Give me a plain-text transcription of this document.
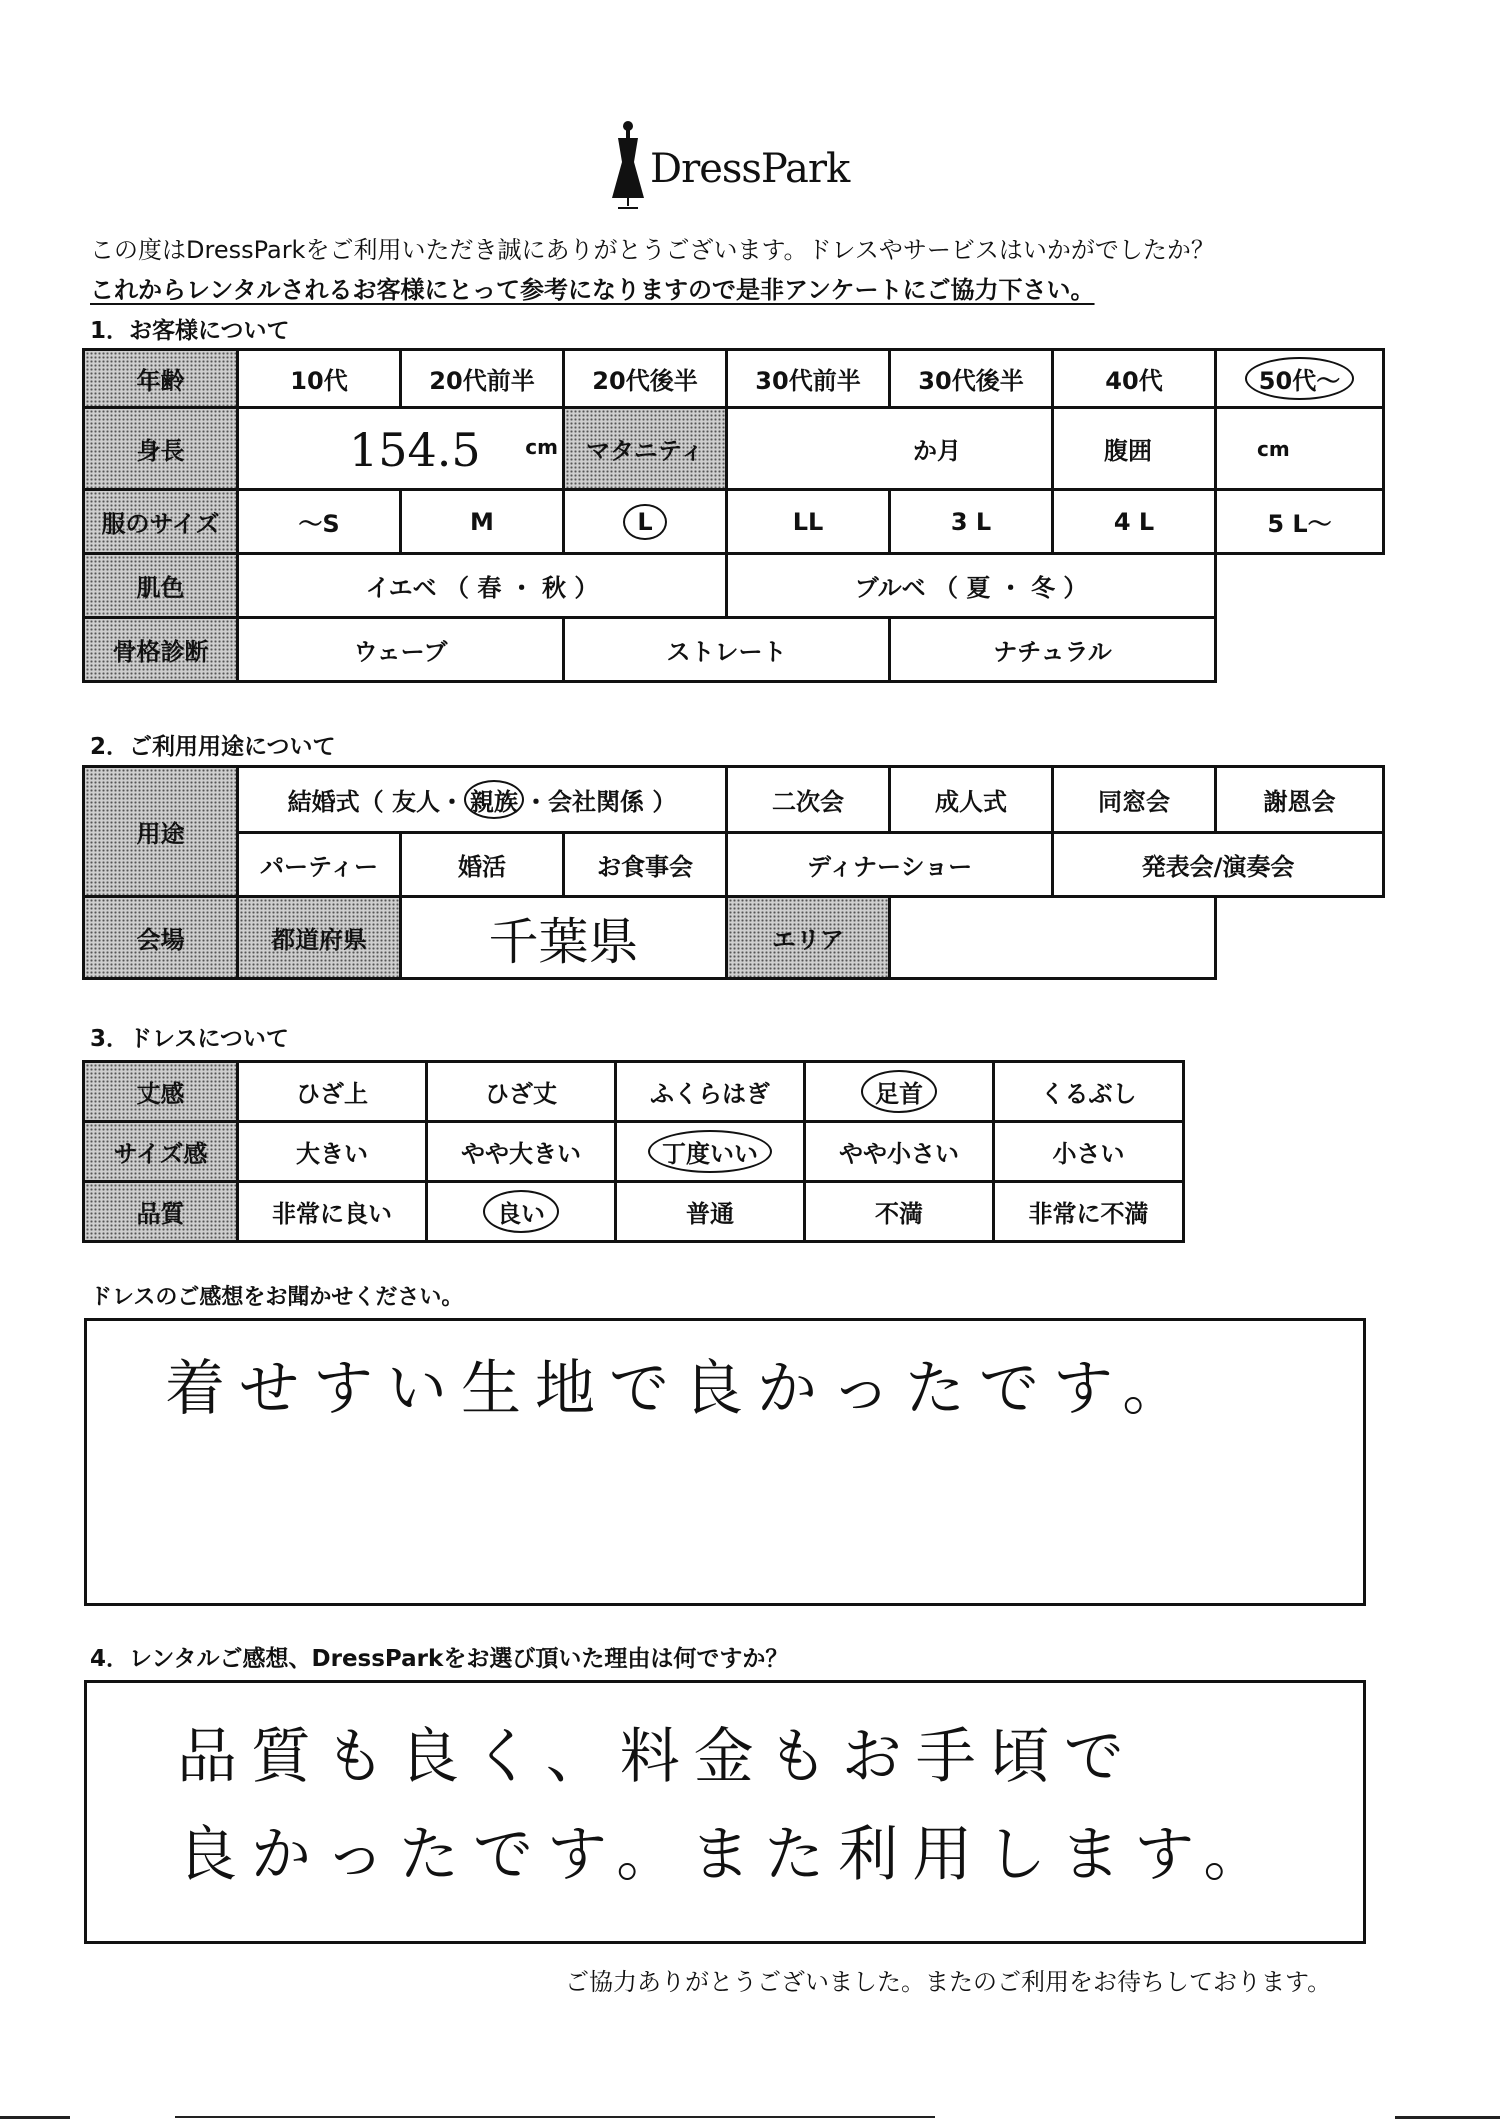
DressPark
この度はDressParkをご利用いただき誠にありがとうございます。ドレスやサービスはいかがでしたか？
これからレンタルされるお客様にとって参考になりますので是非アンケートにご協力下さい。
1．お客様について
年齢	10代	20代前半	20代後半	30代前半	30代後半	40代	50代～
身長	154.5 cm		マタニティ	か月		腹囲	cm
服のサイズ	～S	M	L	LL	3 L	4 L	5 L～
肌色	イエベ （ 春 ・ 秋 ）			ブルベ （ 夏 ・ 冬 ）			
骨格診断	ウェーブ		ストレート		ナチュラル		
2．ご利用用途について
用途	結婚式（ 友人・ 親族 ・会社関係 ）			二次会	成人式	同窓会	謝恩会
	パーティー	婚活	お食事会	ディナーショー		発表会/演奏会	
会場	都道府県	千葉県		エリア			
3．ドレスについて
丈感	ひざ上	ひざ丈	ふくらはぎ	足首	くるぶし
サイズ感	大きい	やや大きい	丁度いい	やや小さい	小さい
品質	非常に良い	良い	普通	不満	非常に不満
ドレスのご感想をお聞かせください。
着せすい生地で良かったです。
4．レンタルご感想、DressParkをお選び頂いた理由は何ですか？
品質も良く、料金もお手頃で
良かったです。また利用します。
ご協力ありがとうございました。またのご利用をお待ちしております。
